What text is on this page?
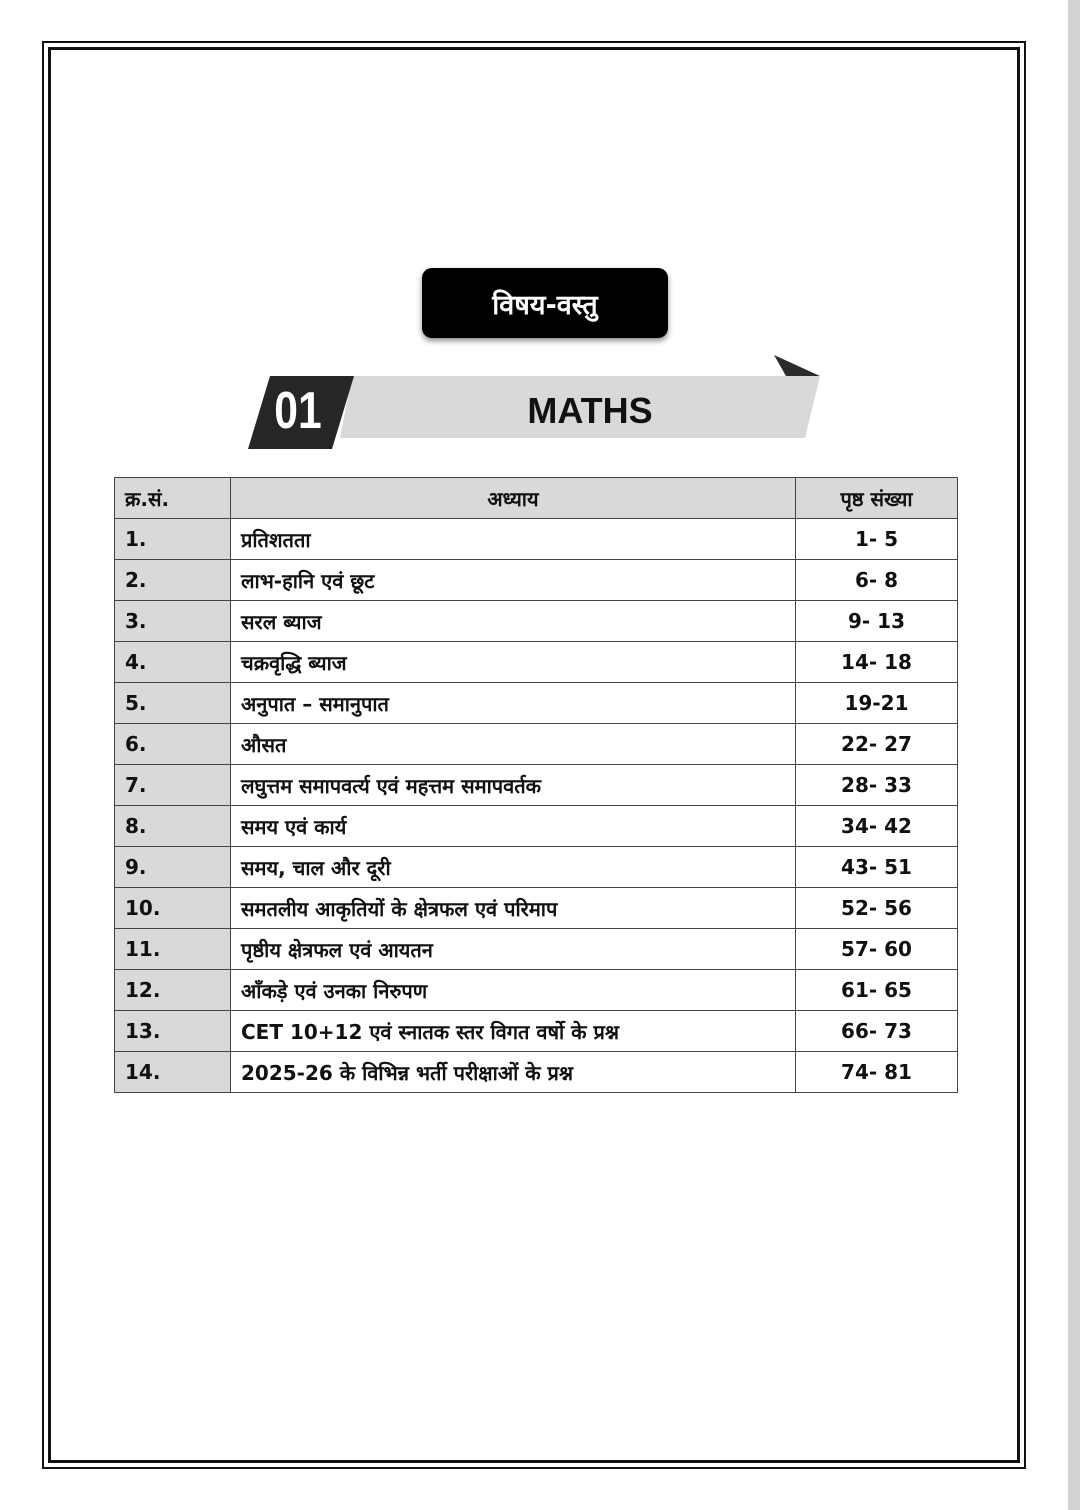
विषय-वस्तु
01	MATHS
क्र.सं.	अध्याय	पृष्ठ संख्या
1.	प्रतिशतता	1- 5
2.	लाभ-हानि एवं छूट	6- 8
3.	सरल ब्याज	9- 13
4.	चक्रवृद्धि ब्याज	14- 18
5.	अनुपात – समानुपात	19-21
6.	औसत	22- 27
7.	लघुत्तम समापवर्त्य एवं महत्तम समापवर्तक	28- 33
8.	समय एवं कार्य	34- 42
9.	समय, चाल और दूरी	43- 51
10.	समतलीय आकृतियों के क्षेत्रफल एवं परिमाप	52- 56
11.	पृष्ठीय क्षेत्रफल एवं आयतन	57- 60
12.	आँकड़े एवं उनका निरुपण	61- 65
13.	CET 10+12 एवं स्नातक स्तर विगत वर्षो के प्रश्न	66- 73
14.	2025-26 के विभिन्न भर्ती परीक्षाओं के प्रश्न	74- 81
